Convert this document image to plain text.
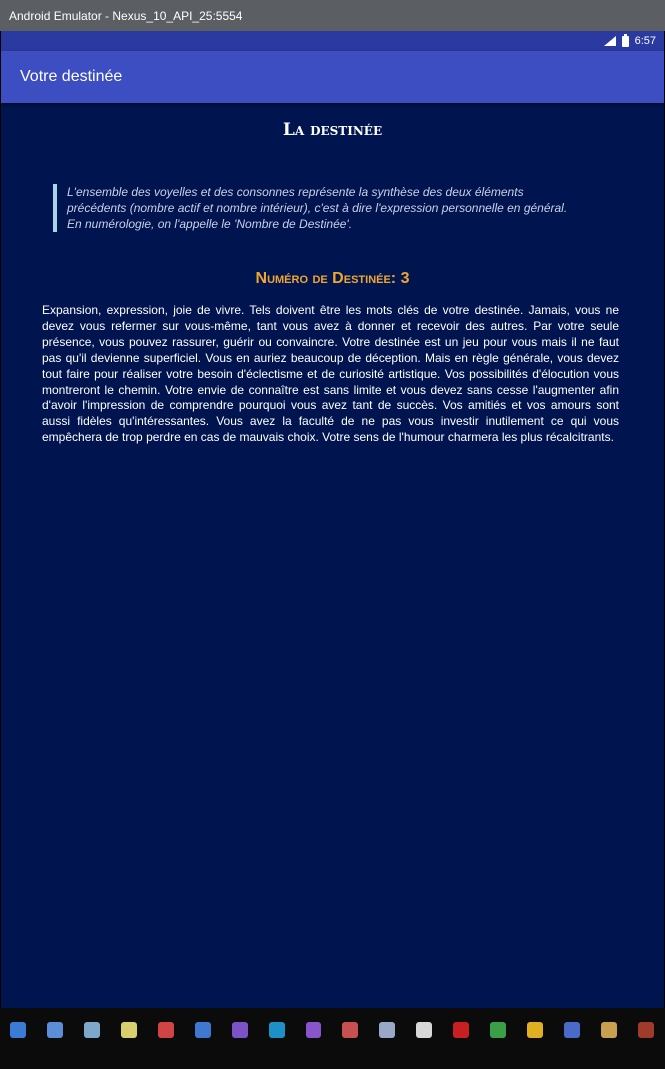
Android Emulator - Nexus_10_API_25:5554
6:57
Votre destinée
La destinée
L'ensemble des voyelles et des consonnes représente la synthèse des deux éléments précédents (nombre actif et nombre intérieur), c'est à dire l'expression personnelle en général. En numérologie, on l'appelle le 'Nombre de Destinée'.
Numéro de Destinée: 3
Expansion, expression, joie de vivre. Tels doivent être les mots clés de votre destinée. Jamais, vous ne devez vous refermer sur vous-même, tant vous avez à donner et recevoir des autres. Par votre seule présence, vous pouvez rassurer, guérir ou convaincre. Votre destinée est un jeu pour vous mais il ne faut pas qu'il devienne superficiel. Vous en auriez beaucoup de déception. Mais en règle générale, vous devez tout faire pour réaliser votre besoin d'éclectisme et de curiosité artistique. Vos possibilités d'élocution vous montreront le chemin. Votre envie de connaître est sans limite et vous devez sans cesse l'augmenter afin d'avoir l'impression de comprendre pourquoi vous avez tant de succès. Vos amitiés et vos amours sont aussi fidèles qu'intéressantes. Vous avez la faculté de ne pas vous investir inutilement ce qui vous empêchera de trop perdre en cas de mauvais choix. Votre sens de l'humour charmera les plus récalcitrants.
